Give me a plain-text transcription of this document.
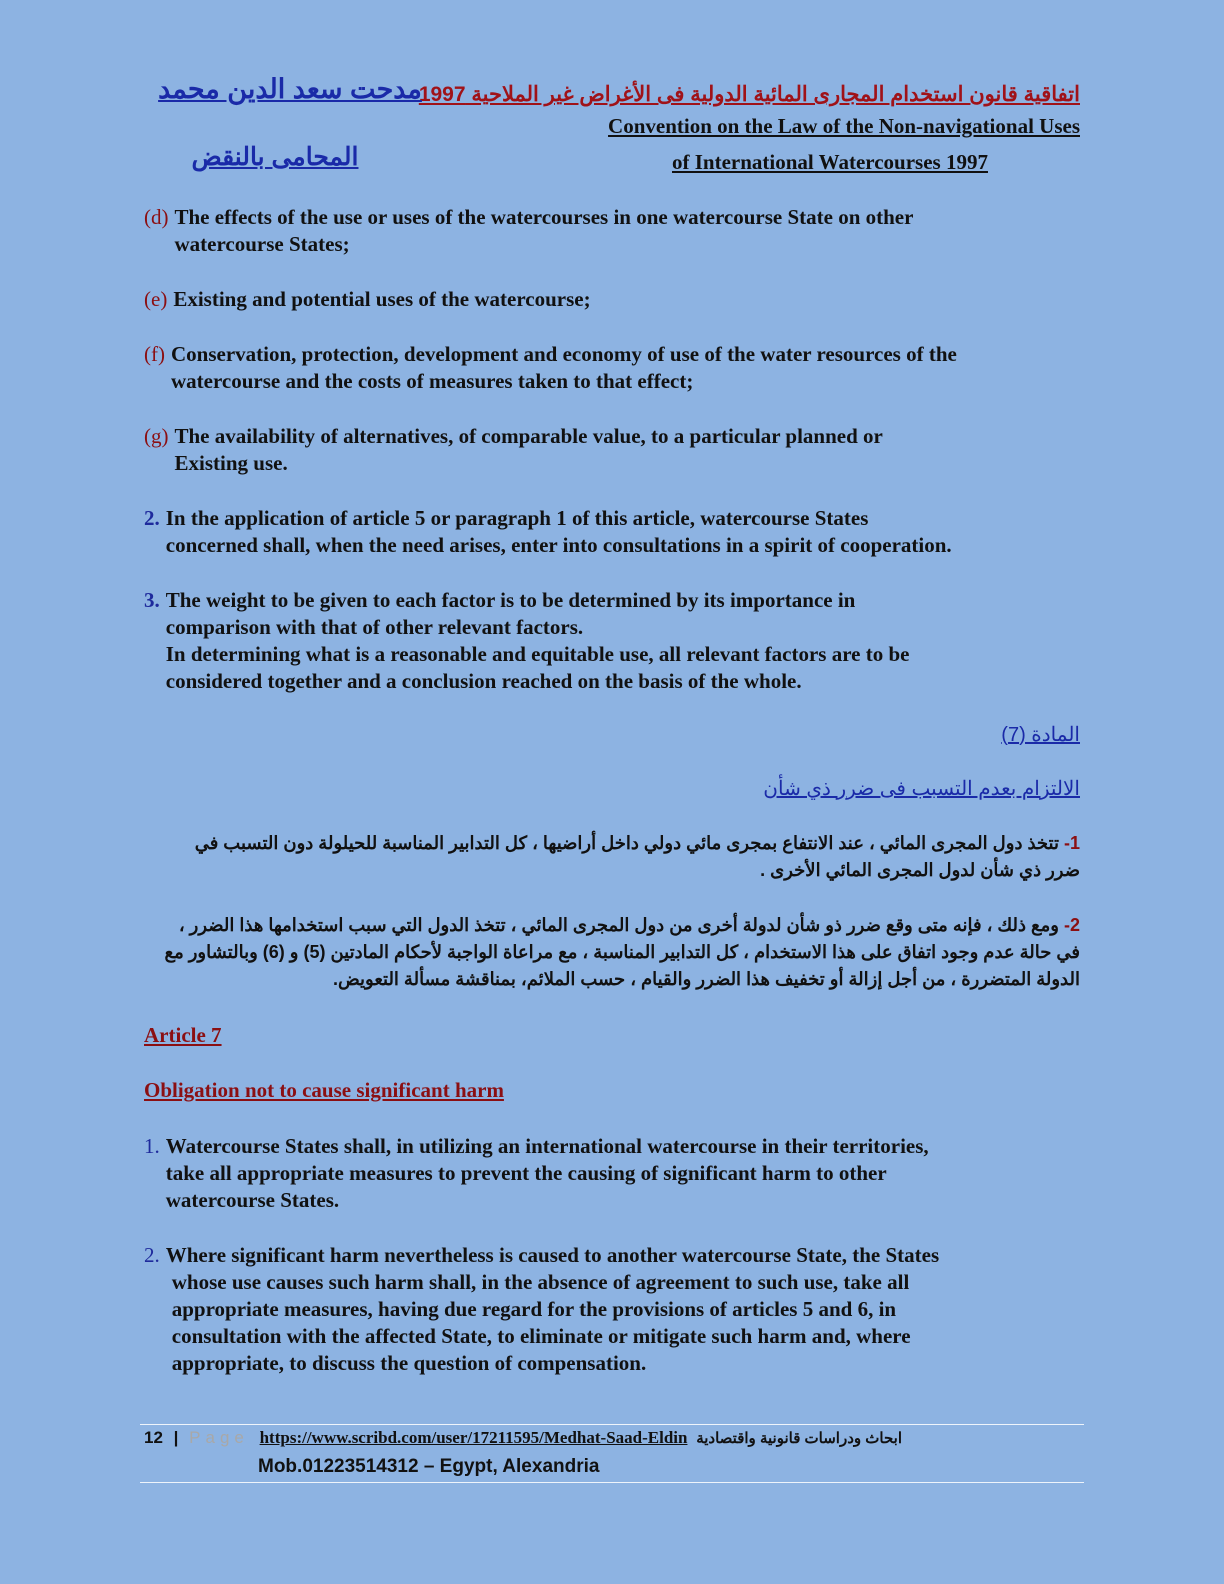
اتفاقية قانون استخدام المجارى المائية الدولية فى الأغراض غير الملاحية 1997
Convention on the Law of the Non-navigational Uses
of International Watercourses 1997
مدحت سعد الدين محمد
المحامى بالنقض
(d) The effects of the use or uses of the watercourses in one watercourse State on other
watercourse States;
(e) Existing and potential uses of the watercourse;
(f) Conservation, protection, development and economy of use of the water resources of the
watercourse and the costs of measures taken to that effect;
(g) The availability of alternatives, of comparable value, to a particular planned or
Existing use.
2. In the application of article 5 or paragraph 1 of this article, watercourse States
concerned shall, when the need arises, enter into consultations in a spirit of cooperation.
3. The weight to be given to each factor is to be determined by its importance in
comparison with that of other relevant factors.
In determining what is a reasonable and equitable use, all relevant factors are to be
considered together and a conclusion reached on the basis of the whole.
المادة (7)
الالتزام بعدم التسبب فى ضرر ذي شأن
1- تتخذ دول المجرى المائي ، عند الانتفاع بمجرى مائي دولي داخل أراضيها ، كل التدابير المناسبة للحيلولة دون التسبب في ضرر ذي شأن لدول المجرى المائي الأخرى .
2- ومع ذلك ، فإنه متى وقع ضرر ذو شأن لدولة أخرى من دول المجرى المائي ، تتخذ الدول التي سبب استخدامها هذا الضرر ، في حالة عدم وجود اتفاق على هذا الاستخدام ، كل التدابير المناسبة ، مع مراعاة الواجبة لأحكام المادتين (5) و (6) وبالتشاور مع الدولة المتضررة ، من أجل إزالة أو تخفيف هذا الضرر والقيام ، حسب الملائم، بمناقشة مسألة التعويض.
Article 7
Obligation not to cause significant harm
1. Watercourse States shall, in utilizing an international watercourse in their territories,
take all appropriate measures to prevent the causing of significant harm to other
watercourse States.
2. Where significant harm nevertheless is caused to another watercourse State, the States
whose use causes such harm shall, in the absence of agreement to such use, take all
appropriate measures, having due regard for the provisions of articles 5 and 6, in
consultation with the affected State, to eliminate or mitigate such harm and, where
appropriate, to discuss the question of compensation.
12 | Page https://www.scribd.com/user/17211595/Medhat-Saad-Eldin ابحاث ودراسات قانونية واقتصادية
Mob.01223514312 – Egypt, Alexandria
